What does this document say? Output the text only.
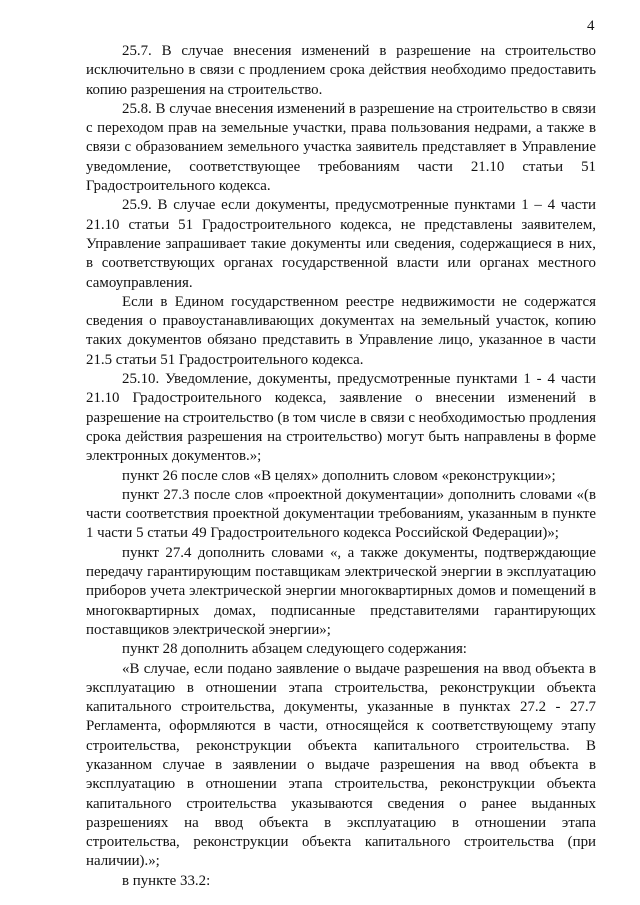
4

25.7. В случае внесения изменений в разрешение на строительство исключительно в связи с продлением срока действия необходимо предоставить копию разрешения на строительство.

25.8. В случае внесения изменений в разрешение на строительство в связи с переходом прав на земельные участки, права пользования недрами, а также в связи с образованием земельного участка заявитель представляет в Управление уведомление, соответствующее требованиям части 21.10 статьи 51 Градостроительного кодекса.

25.9. В случае если документы, предусмотренные пунктами 1 – 4 части 21.10 статьи 51 Градостроительного кодекса, не представлены заявителем, Управление запрашивает такие документы или сведения, содержащиеся в них, в соответствующих органах государственной власти или органах местного самоуправления.

Если в Едином государственном реестре недвижимости не содержатся сведения о правоустанавливающих документах на земельный участок, копию таких документов обязано представить в Управление лицо, указанное в части 21.5 статьи 51 Градостроительного кодекса.

25.10. Уведомление, документы, предусмотренные пунктами 1 - 4 части 21.10 Градостроительного кодекса, заявление о внесении изменений в разрешение на строительство (в том числе в связи с необходимостью продления срока действия разрешения на строительство) могут быть направлены в форме электронных документов.»;

пункт 26 после слов «В целях» дополнить словом «реконструкции»;

пункт 27.3 после слов «проектной документации» дополнить словами «(в части соответствия проектной документации требованиям, указанным в пункте 1 части 5 статьи 49 Градостроительного кодекса Российской Федерации)»;

пункт 27.4 дополнить словами «, а также документы, подтверждающие передачу гарантирующим поставщикам электрической энергии в эксплуатацию приборов учета электрической энергии многоквартирных домов и помещений в многоквартирных домах, подписанные представителями гарантирующих поставщиков электрической энергии»;

пункт 28 дополнить абзацем следующего содержания:

«В случае, если подано заявление о выдаче разрешения на ввод объекта в эксплуатацию в отношении этапа строительства, реконструкции объекта капитального строительства, документы, указанные в пунктах 27.2 - 27.7 Регламента, оформляются в части, относящейся к соответствующему этапу строительства, реконструкции объекта капитального строительства. В указанном случае в заявлении о выдаче разрешения на ввод объекта в эксплуатацию в отношении этапа строительства, реконструкции объекта капитального строительства указываются сведения о ранее выданных разрешениях на ввод объекта в эксплуатацию в отношении этапа строительства, реконструкции объекта капитального строительства (при наличии).»;

в пункте 33.2:
